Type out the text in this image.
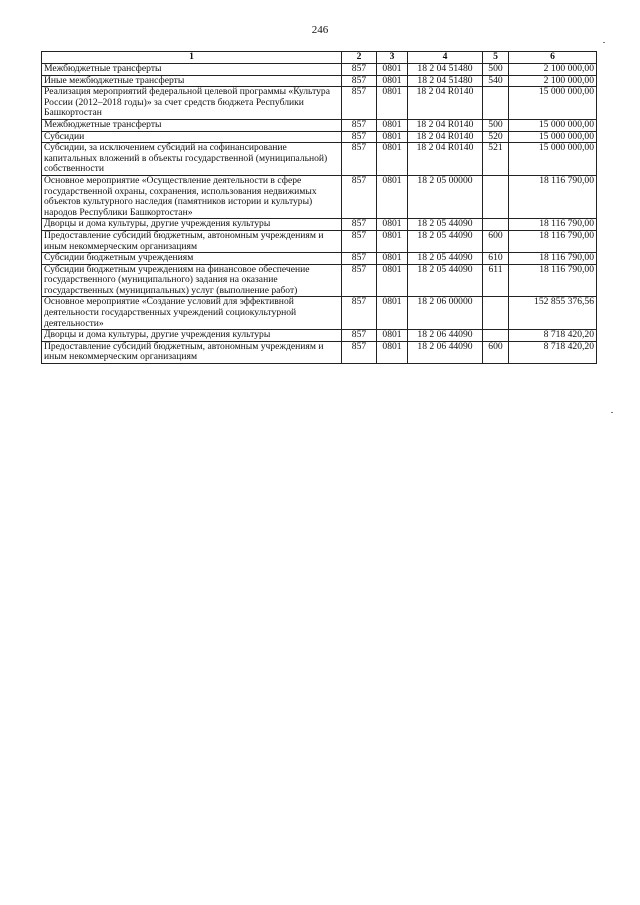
246
1	2	3	4	5	6
Межбюджетные трансферты	857	0801	18 2 04 51480	500	2 100 000,00
Иные межбюджетные трансферты	857	0801	18 2 04 51480	540	2 100 000,00
Реализация мероприятий федеральной целевой программы «Культура России (2012–2018 годы)» за счет средств бюджета Республики Башкортостан	857	0801	18 2 04 R0140		15 000 000,00
Межбюджетные трансферты	857	0801	18 2 04 R0140	500	15 000 000,00
Субсидии	857	0801	18 2 04 R0140	520	15 000 000,00
Субсидии, за исключением субсидий на софинансирование капитальных вложений в объекты государственной (муниципальной) собственности	857	0801	18 2 04 R0140	521	15 000 000,00
Основное мероприятие «Осуществление деятельности в сфере государственной охраны, сохранения, использования недвижимых объектов культурного наследия (памятников истории и культуры) народов Республики Башкортостан»	857	0801	18 2 05 00000		18 116 790,00
Дворцы и дома культуры, другие учреждения культуры	857	0801	18 2 05 44090		18 116 790,00
Предоставление субсидий бюджетным, автономным учреждениям и иным некоммерческим организациям	857	0801	18 2 05 44090	600	18 116 790,00
Субсидии бюджетным учреждениям	857	0801	18 2 05 44090	610	18 116 790,00
Субсидии бюджетным учреждениям на финансовое обеспечение государственного (муниципального) задания на оказание государственных (муниципальных) услуг (выполнение работ)	857	0801	18 2 05 44090	611	18 116 790,00
Основное мероприятие «Создание условий для эффективной деятельности государственных учреждений социокультурной деятельности»	857	0801	18 2 06 00000		152 855 376,56
Дворцы и дома культуры, другие учреждения культуры	857	0801	18 2 06 44090		8 718 420,20
Предоставление субсидий бюджетным, автономным учреждениям и иным некоммерческим организациям	857	0801	18 2 06 44090	600	8 718 420,20
